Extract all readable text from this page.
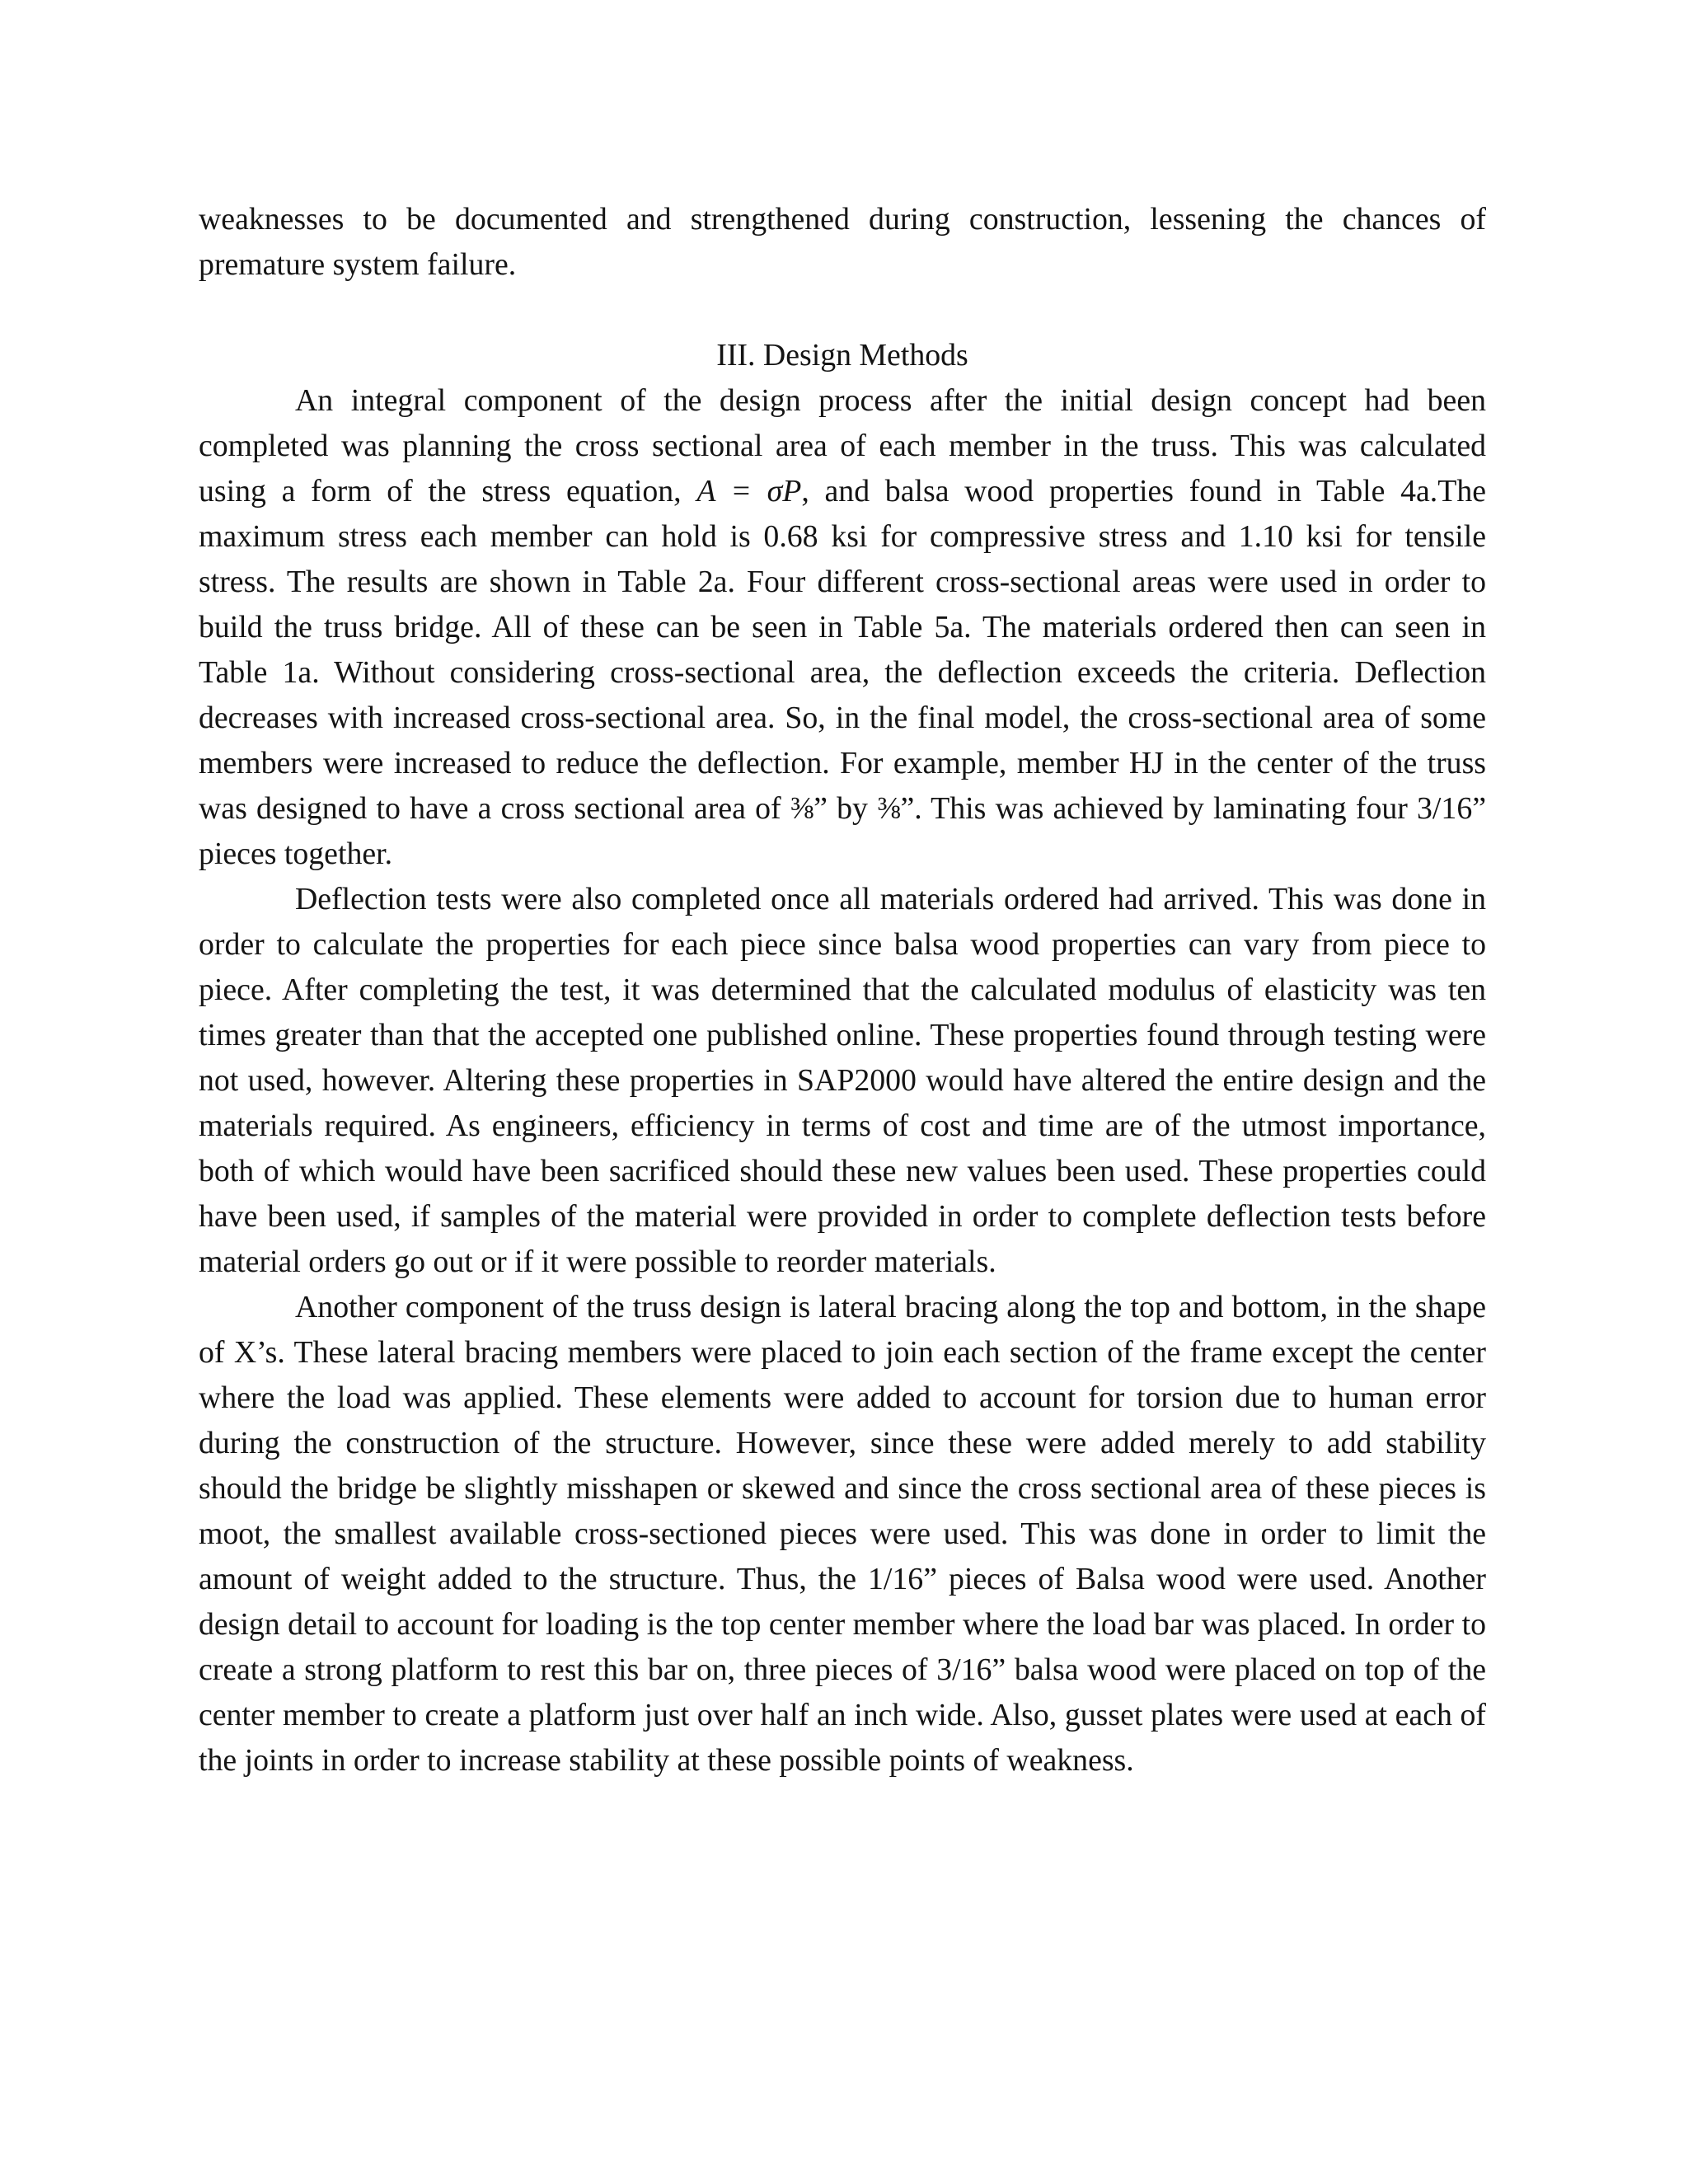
weaknesses to be documented and strengthened during construction, lessening the chances of premature system failure.

III. Design Methods

An integral component of the design process after the initial design concept had been completed was planning the cross sectional area of each member in the truss. This was calculated using a form of the stress equation, A = σP, and balsa wood properties found in Table 4a.The maximum stress each member can hold is 0.68 ksi for compressive stress and 1.10 ksi for tensile stress. The results are shown in Table 2a. Four different cross-sectional areas were used in order to build the truss bridge. All of these can be seen in Table 5a. The materials ordered then can seen in Table 1a. Without considering cross-sectional area, the deflection exceeds the criteria. Deflection decreases with increased cross-sectional area. So, in the final model, the cross-sectional area of some members were increased to reduce the deflection. For example, member HJ in the center of the truss was designed to have a cross sectional area of ⅜” by ⅜”. This was achieved by laminating four 3/16” pieces together.

Deflection tests were also completed once all materials ordered had arrived. This was done in order to calculate the properties for each piece since balsa wood properties can vary from piece to piece. After completing the test, it was determined that the calculated modulus of elasticity was ten times greater than that the accepted one published online. These properties found through testing were not used, however. Altering these properties in SAP2000 would have altered the entire design and the materials required. As engineers, efficiency in terms of cost and time are of the utmost importance, both of which would have been sacrificed should these new values been used. These properties could have been used, if samples of the material were provided in order to complete deflection tests before material orders go out or if it were possible to reorder materials.

Another component of the truss design is lateral bracing along the top and bottom, in the shape of X’s. These lateral bracing members were placed to join each section of the frame except the center where the load was applied. These elements were added to account for torsion due to human error during the construction of the structure. However, since these were added merely to add stability should the bridge be slightly misshapen or skewed and since the cross sectional area of these pieces is moot, the smallest available cross-sectioned pieces were used. This was done in order to limit the amount of weight added to the structure. Thus, the 1/16” pieces of Balsa wood were used. Another design detail to account for loading is the top center member where the load bar was placed. In order to create a strong platform to rest this bar on, three pieces of 3/16” balsa wood were placed on top of the center member to create a platform just over half an inch wide. Also, gusset plates were used at each of the joints in order to increase stability at these possible points of weakness.
